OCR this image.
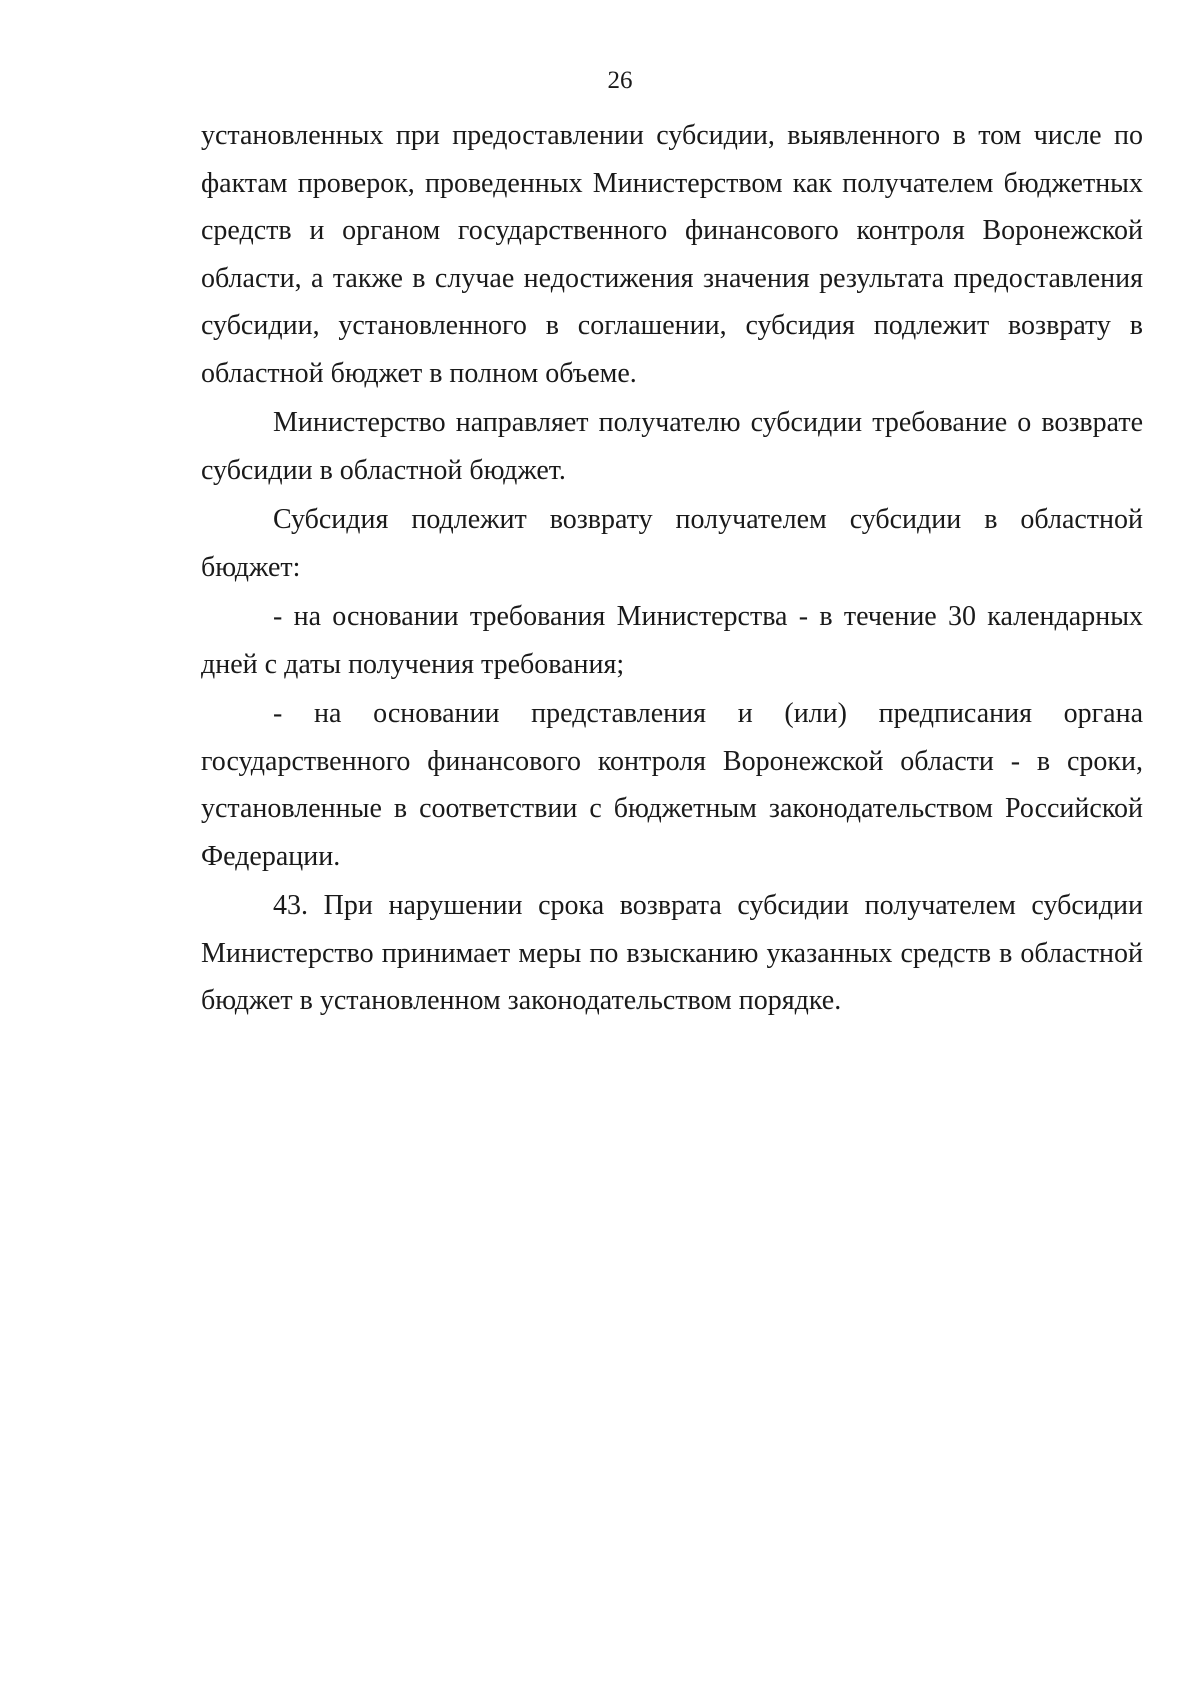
26

установленных при предоставлении субсидии, выявленного в том числе по фактам проверок, проведенных Министерством как получателем бюджетных средств и органом государственного финансового контроля Воронежской области, а также в случае недостижения значения результата предоставления субсидии, установленного в соглашении, субсидия подлежит возврату в областной бюджет в полном объеме.

Министерство направляет получателю субсидии требование о возврате субсидии в областной бюджет.

Субсидия подлежит возврату получателем субсидии в областной бюджет:

- на основании требования Министерства - в течение 30 календарных дней с даты получения требования;

- на основании представления и (или) предписания органа государственного финансового контроля Воронежской области - в сроки, установленные в соответствии с бюджетным законодательством Российской Федерации.

43. При нарушении срока возврата субсидии получателем субсидии Министерство принимает меры по взысканию указанных средств в областной бюджет в установленном законодательством порядке.
